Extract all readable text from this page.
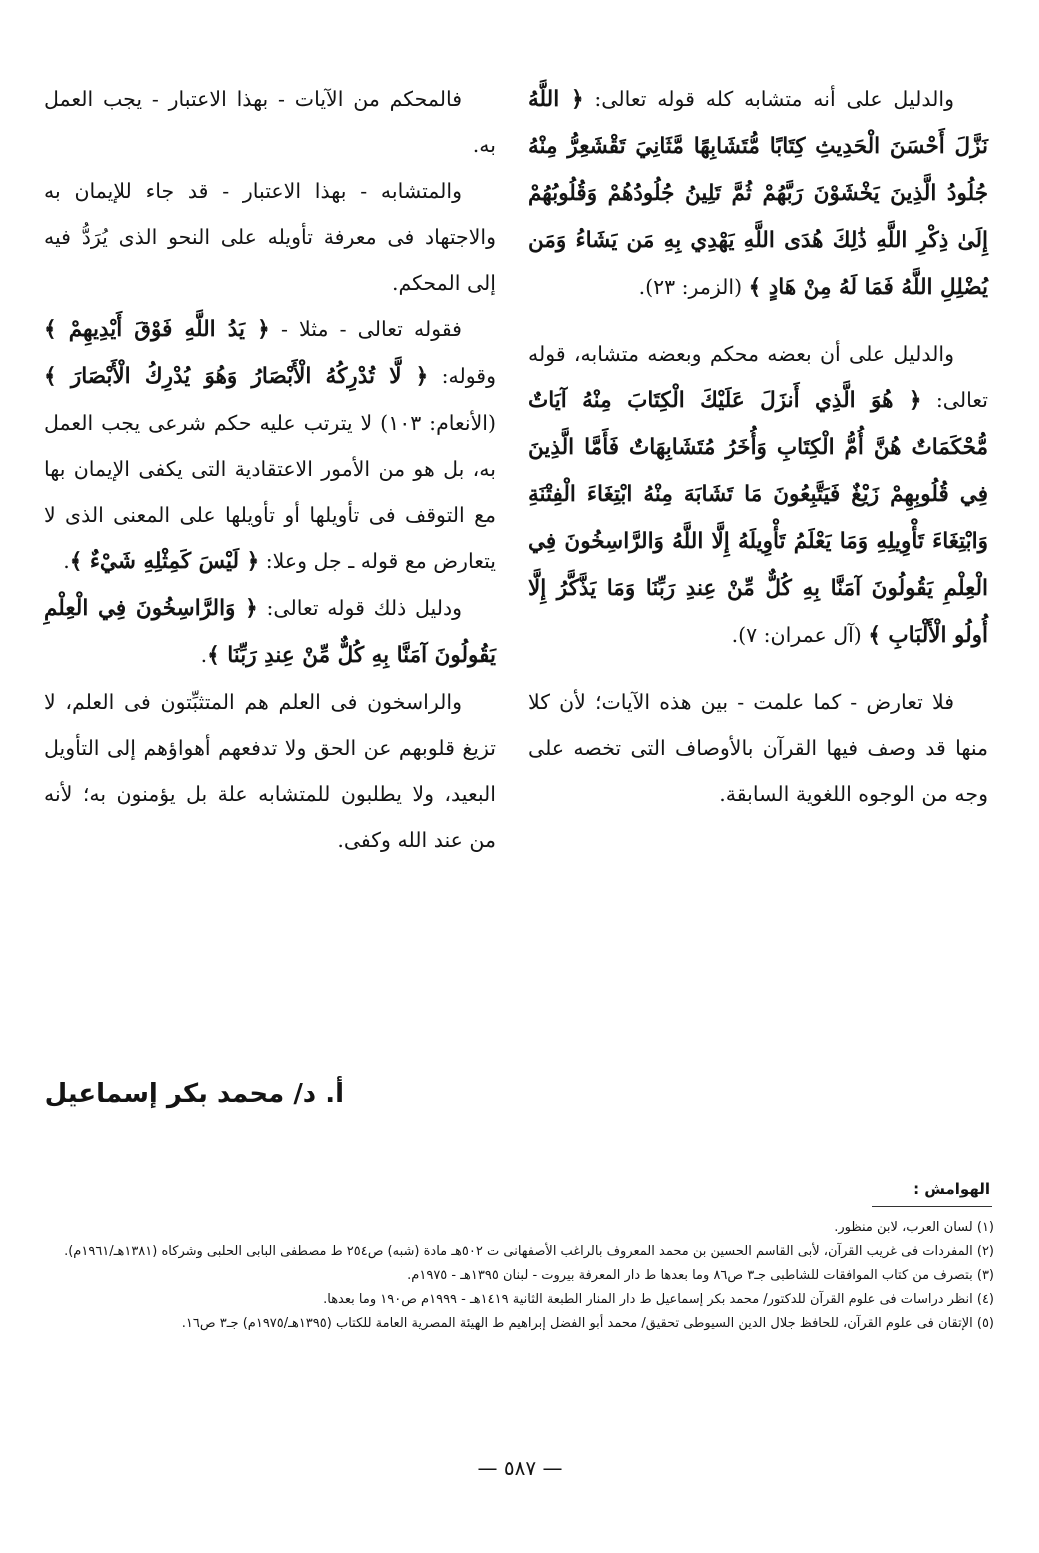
والدليل على أنه متشابه كله قوله تعالى: ﴿ اللَّهُ نَزَّلَ أَحْسَنَ الْحَدِيثِ كِتَابًا مُّتَشَابِهًا مَّثَانِيَ تَقْشَعِرُّ مِنْهُ جُلُودُ الَّذِينَ يَخْشَوْنَ رَبَّهُمْ ثُمَّ تَلِينُ جُلُودُهُمْ وَقُلُوبُهُمْ إِلَىٰ ذِكْرِ اللَّهِ ذَٰلِكَ هُدَى اللَّهِ يَهْدِي بِهِ مَن يَشَاءُ وَمَن يُضْلِلِ اللَّهُ فَمَا لَهُ مِنْ هَادٍ ﴾ (الزمر: ٢٣).

والدليل على أن بعضه محكم وبعضه متشابه، قوله تعالى: ﴿ هُوَ الَّذِي أَنزَلَ عَلَيْكَ الْكِتَابَ مِنْهُ آيَاتٌ مُّحْكَمَاتٌ هُنَّ أُمُّ الْكِتَابِ وَأُخَرُ مُتَشَابِهَاتٌ فَأَمَّا الَّذِينَ فِي قُلُوبِهِمْ زَيْغٌ فَيَتَّبِعُونَ مَا تَشَابَهَ مِنْهُ ابْتِغَاءَ الْفِتْنَةِ وَابْتِغَاءَ تَأْوِيلِهِ وَمَا يَعْلَمُ تَأْوِيلَهُ إِلَّا اللَّهُ وَالرَّاسِخُونَ فِي الْعِلْمِ يَقُولُونَ آمَنَّا بِهِ كُلٌّ مِّنْ عِندِ رَبِّنَا وَمَا يَذَّكَّرُ إِلَّا أُولُو الْأَلْبَابِ ﴾ (آل عمران: ٧).

فلا تعارض - كما علمت - بين هذه الآيات؛ لأن كلا منها قد وصف فيها القرآن بالأوصاف التى تخصه على وجه من الوجوه اللغوية السابقة.

فالمحكم من الآيات - بهذا الاعتبار - يجب العمل به.

والمتشابه - بهذا الاعتبار - قد جاء للإيمان به والاجتهاد فى معرفة تأويله على النحو الذى يُرَدُّ فيه إلى المحكم.

فقوله تعالى - مثلا - ﴿ يَدُ اللَّهِ فَوْقَ أَيْدِيهِمْ ﴾ وقوله: ﴿ لَّا تُدْرِكُهُ الْأَبْصَارُ وَهُوَ يُدْرِكُ الْأَبْصَارَ ﴾ (الأنعام: ١٠٣) لا يترتب عليه حكم شرعى يجب العمل به، بل هو من الأمور الاعتقادية التى يكفى الإيمان بها مع التوقف فى تأويلها أو تأويلها على المعنى الذى لا يتعارض مع قوله ـ جل وعلا: ﴿ لَيْسَ كَمِثْلِهِ شَيْءٌ ﴾.

ودليل ذلك قوله تعالى: ﴿ وَالرَّاسِخُونَ فِي الْعِلْمِ يَقُولُونَ آمَنَّا بِهِ كُلٌّ مِّنْ عِندِ رَبِّنَا ﴾.

والراسخون فى العلم هم المتثبِّتون فى العلم، لا تزيغ قلوبهم عن الحق ولا تدفعهم أهواؤهم إلى التأويل البعيد، ولا يطلبون للمتشابه علة بل يؤمنون به؛ لأنه من عند الله وكفى.

أ. د/ محمد بكر إسماعيل
الهوامش :
(١) لسان العرب، لابن منظور.
(٢) المفردات فى غريب القرآن، لأبى القاسم الحسين بن محمد المعروف بالراغب الأصفهانى ت ٥٠٢هـ مادة (شبه) ص٢٥٤ ط مصطفى البابى الحلبى وشركاه (١٣٨١هـ/١٩٦١م).
(٣) بتصرف من كتاب الموافقات للشاطبى جـ٣ ص٨٦ وما بعدها ط دار المعرفة بيروت - لبنان ١٣٩٥هـ - ١٩٧٥م.
(٤) انظر دراسات فى علوم القرآن للدكتور/ محمد بكر إسماعيل ط دار المنار الطبعة الثانية ١٤١٩هـ - ١٩٩٩م ص١٩٠ وما بعدها.
(٥) الإتقان فى علوم القرآن، للحافظ جلال الدين السيوطى تحقيق/ محمد أبو الفضل إبراهيم ط الهيئة المصرية العامة للكتاب (١٣٩٥هـ/١٩٧٥م) جـ٣ ص١٦.
— ٥٨٧ —
